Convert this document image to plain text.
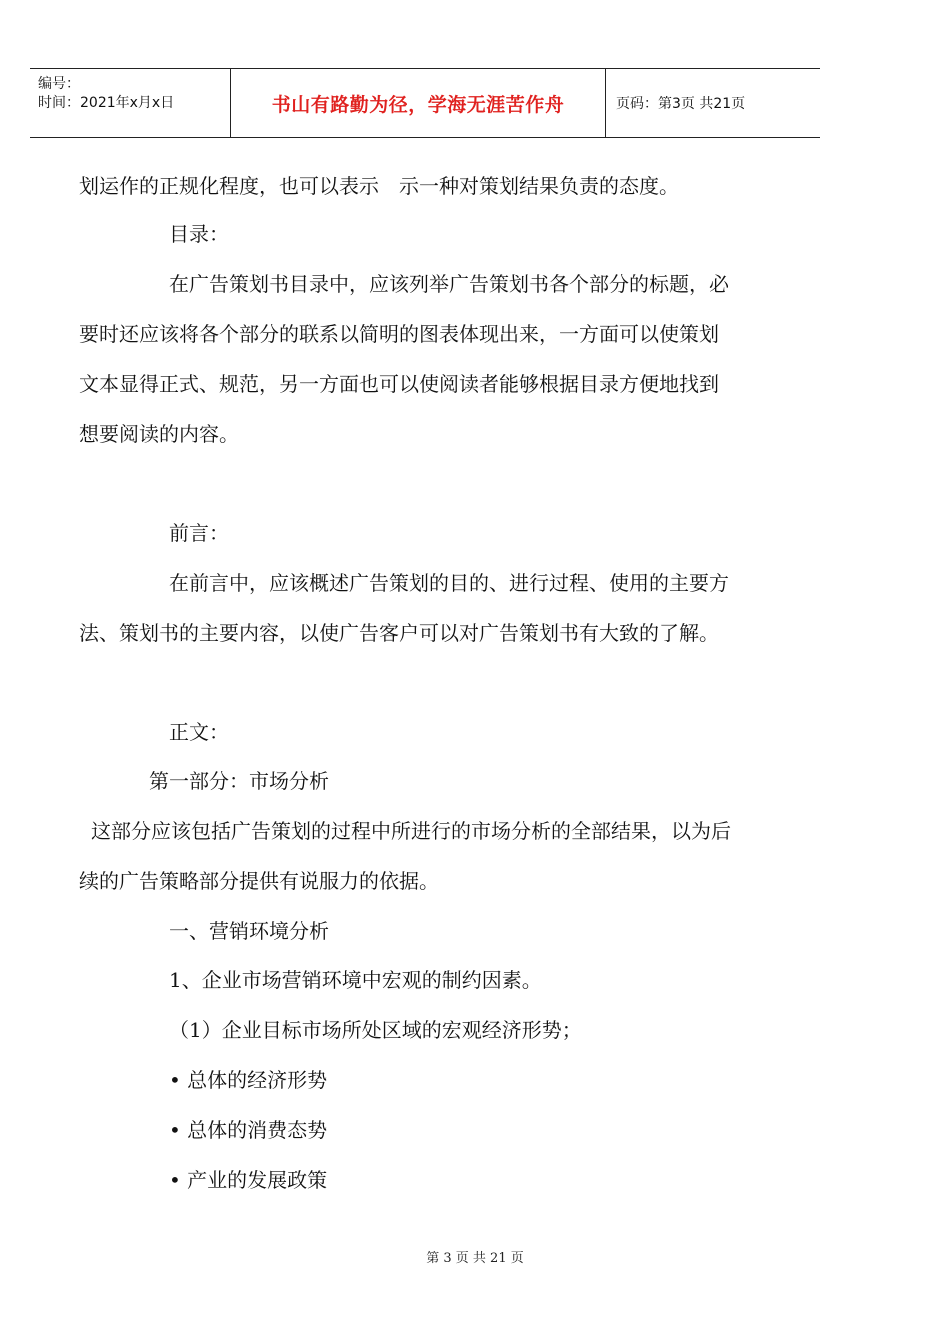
编号：
时间：2021年x月x日	书山有路勤为径，学海无涯苦作舟	页码：第3页 共21页
划运作的正规化程度，也可以表示　示一种对策划结果负责的态度。
目录：
在广告策划书目录中，应该列举广告策划书各个部分的标题，必
要时还应该将各个部分的联系以简明的图表体现出来，一方面可以使策划
文本显得正式、规范，另一方面也可以使阅读者能够根据目录方便地找到
想要阅读的内容。
前言：
在前言中，应该概述广告策划的目的、进行过程、使用的主要方
法、策划书的主要内容，以使广告客户可以对广告策划书有大致的了解。
正文：
第一部分：市场分析
这部分应该包括广告策划的过程中所进行的市场分析的全部结果，以为后
续的广告策略部分提供有说服力的依据。
一、营销环境分析
1、企业市场营销环境中宏观的制约因素。
（1）企业目标市场所处区域的宏观经济形势；
• 总体的经济形势
• 总体的消费态势
• 产业的发展政策
第 3 页 共 21 页
